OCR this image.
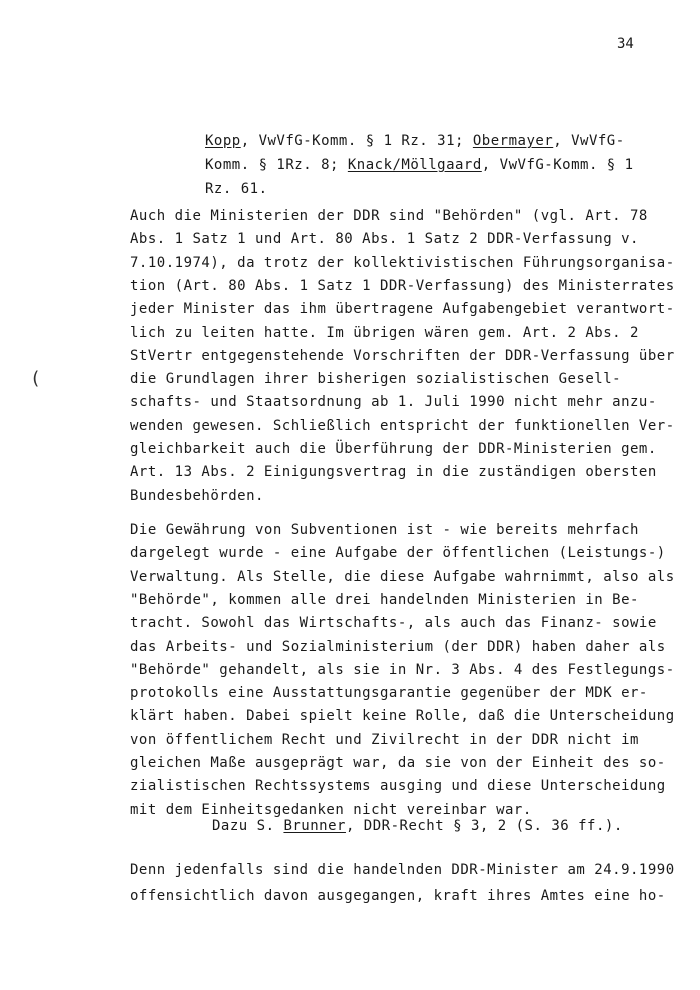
34
(
Kopp, VwVfG-Komm. § 1 Rz. 31; Obermayer, VwVfG-
Komm. § 1Rz. 8; Knack/Möllgaard, VwVfG-Komm. § 1
Rz. 61.
Auch die Ministerien der DDR sind "Behörden" (vgl. Art. 78
Abs. 1 Satz 1 und Art. 80 Abs. 1 Satz 2 DDR-Verfassung v.
7.10.1974), da trotz der kollektivistischen Führungsorganisa-
tion (Art. 80 Abs. 1 Satz 1 DDR-Verfassung) des Ministerrates
jeder Minister das ihm übertragene Aufgabengebiet verantwort-
lich zu leiten hatte. Im übrigen wären gem. Art. 2 Abs. 2
StVertr entgegenstehende Vorschriften der DDR-Verfassung über
die Grundlagen ihrer bisherigen sozialistischen Gesell-
schafts- und Staatsordnung ab 1. Juli 1990 nicht mehr anzu-
wenden gewesen. Schließlich entspricht der funktionellen Ver-
gleichbarkeit auch die Überführung der DDR-Ministerien gem.
Art. 13 Abs. 2 Einigungsvertrag in die zuständigen obersten
Bundesbehörden.
Die Gewährung von Subventionen ist - wie bereits mehrfach
dargelegt wurde - eine Aufgabe der öffentlichen (Leistungs-)
Verwaltung. Als Stelle, die diese Aufgabe wahrnimmt, also als
"Behörde", kommen alle drei handelnden Ministerien in Be-
tracht. Sowohl das Wirtschafts-, als auch das Finanz- sowie
das Arbeits- und Sozialministerium (der DDR) haben daher als
"Behörde" gehandelt, als sie in Nr. 3 Abs. 4 des Festlegungs-
protokolls eine Ausstattungsgarantie gegenüber der MDK er-
klärt haben. Dabei spielt keine Rolle, daß die Unterscheidung
von öffentlichem Recht und Zivilrecht in der DDR nicht im
gleichen Maße ausgeprägt war, da sie von der Einheit des so-
zialistischen Rechtssystems ausging und diese Unterscheidung
mit dem Einheitsgedanken nicht vereinbar war.
Dazu S. Brunner, DDR-Recht § 3, 2 (S. 36 ff.).
Denn jedenfalls sind die handelnden DDR-Minister am 24.9.1990
offensichtlich davon ausgegangen, kraft ihres Amtes eine ho-
